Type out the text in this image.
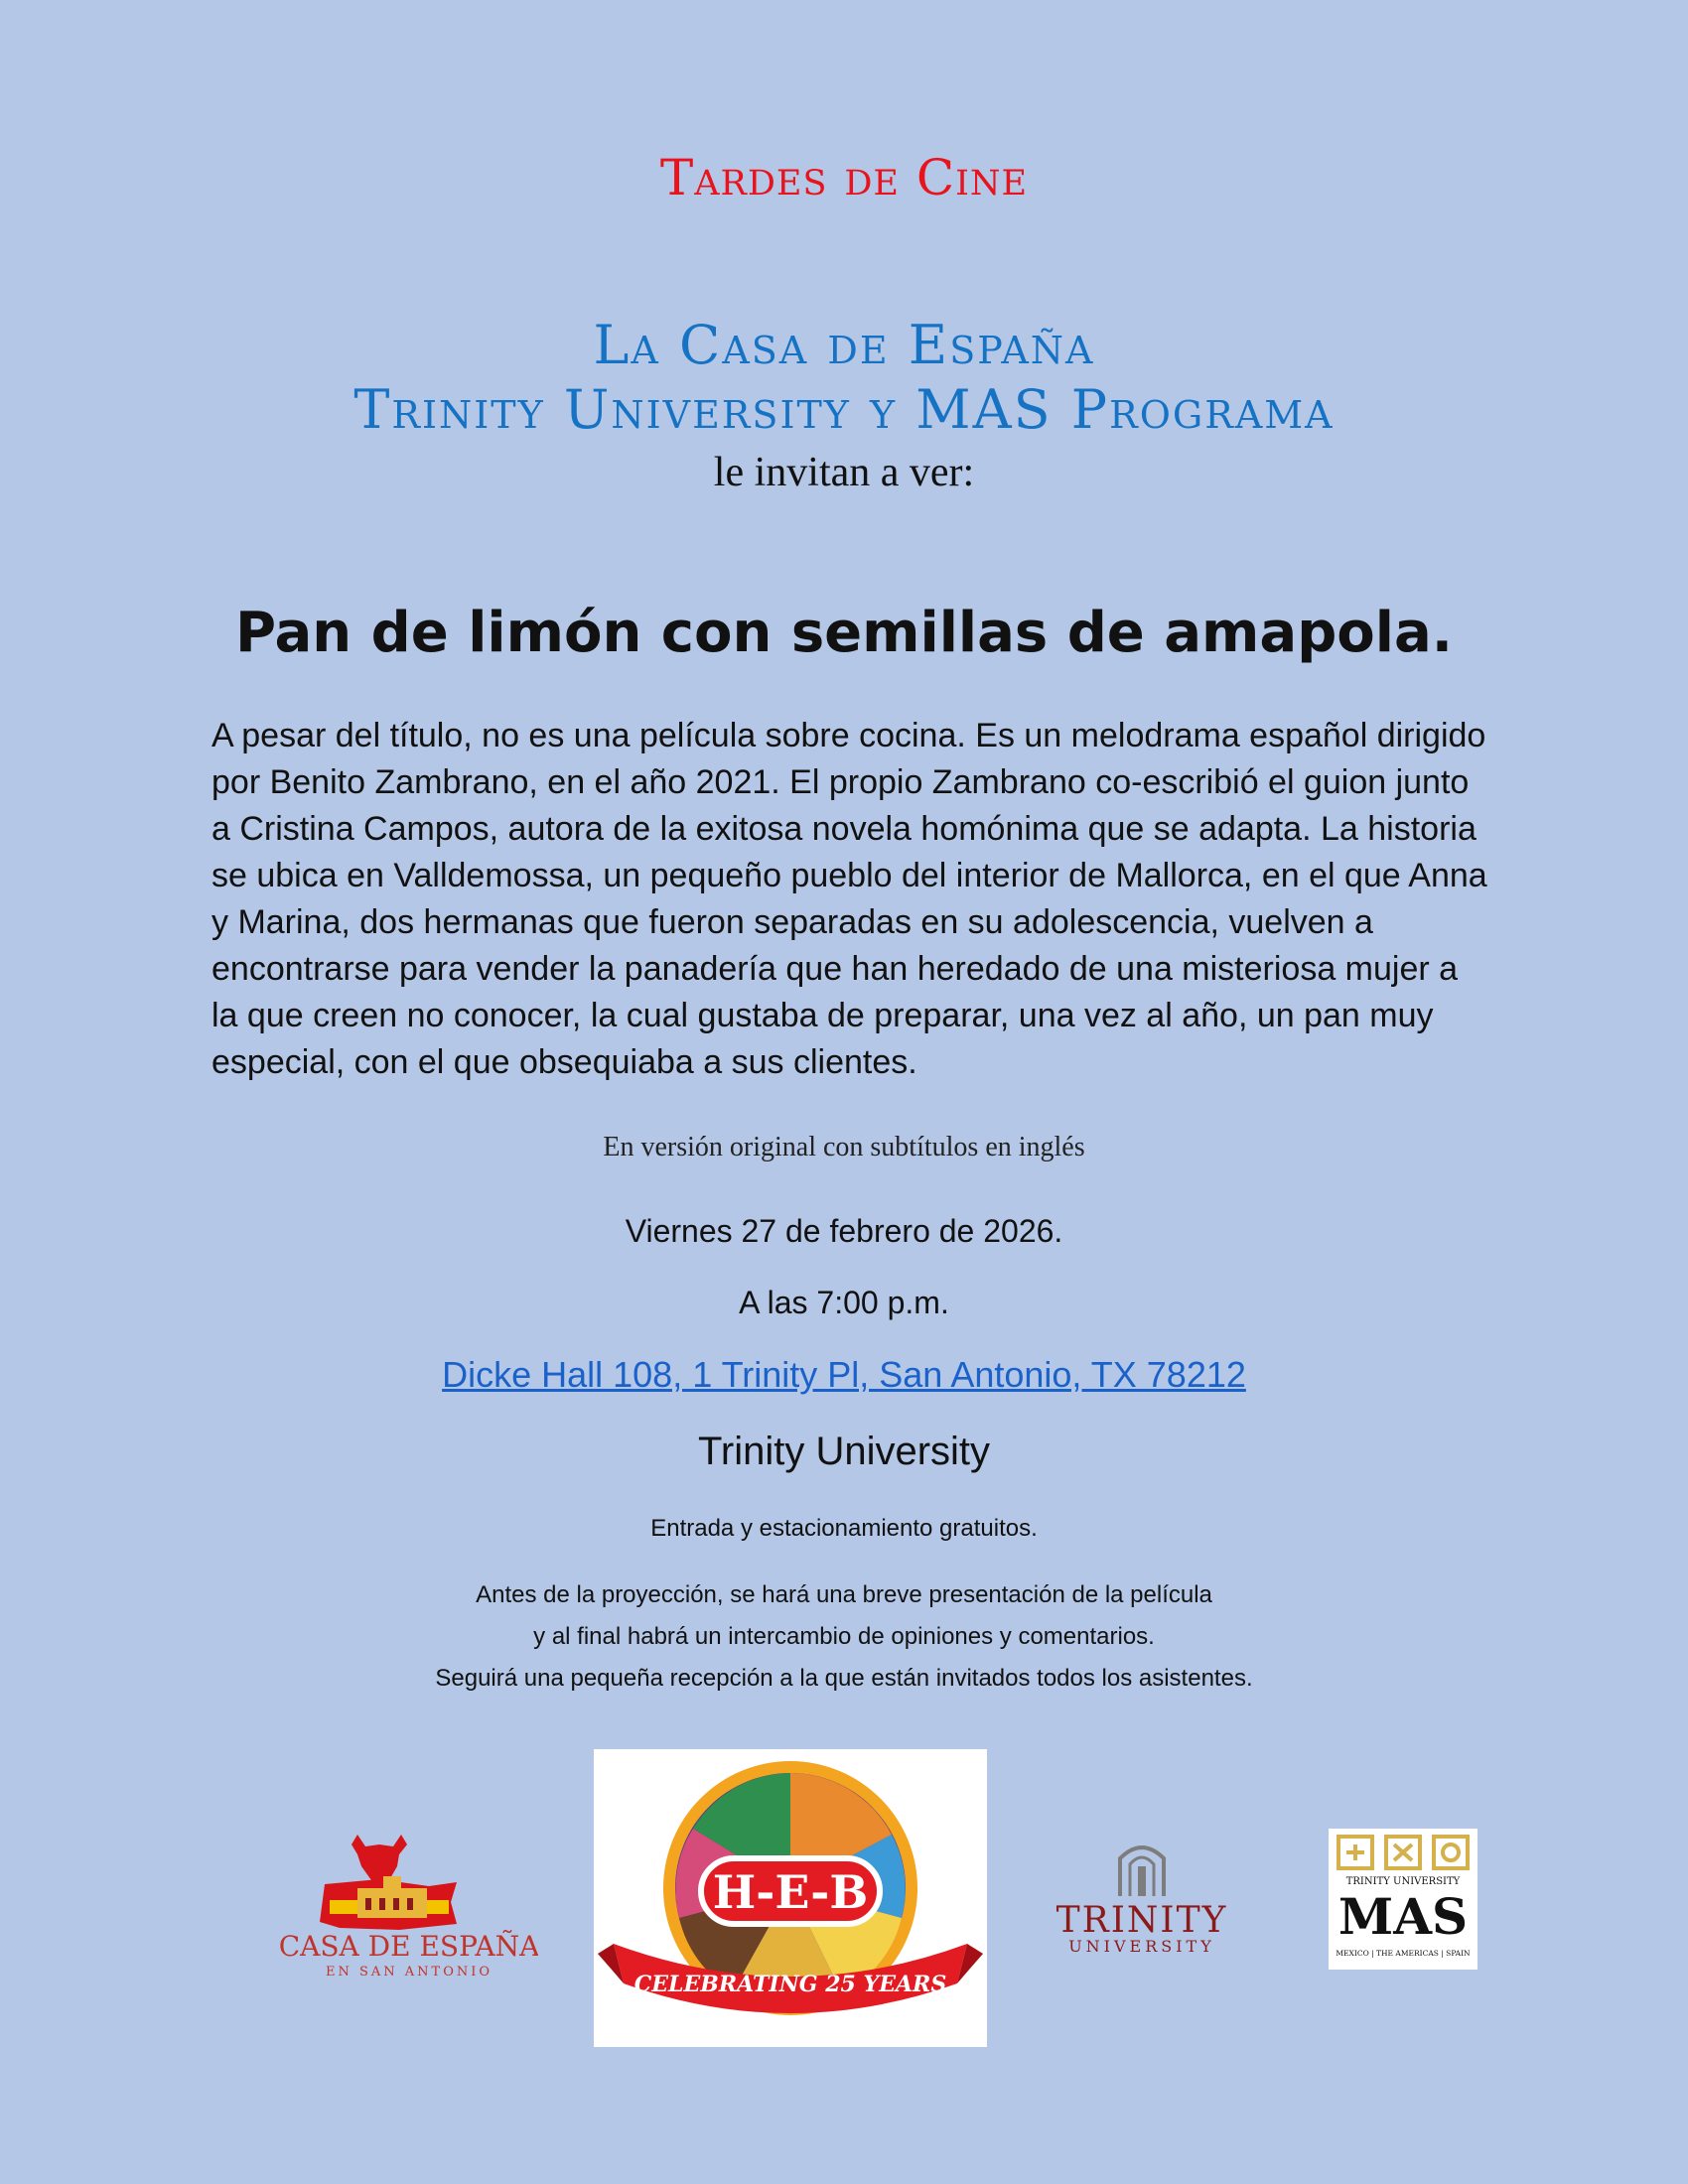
Tardes de Cine
La Casa de España
Trinity University y MAS Programa
le invitan a ver:
Pan de limón con semillas de amapola.
A pesar del título, no es una película sobre cocina. Es un melodrama español dirigido por Benito Zambrano, en el año 2021. El propio Zambrano co-escribió el guion junto a Cristina Campos, autora de la exitosa novela homónima que se adapta. La historia se ubica en Valldemossa, un pequeño pueblo del interior de Mallorca, en el que Anna y Marina, dos hermanas que fueron separadas en su adolescencia, vuelven a encontrarse para vender la panadería que han heredado de una misteriosa mujer a la que creen no conocer, la cual gustaba de preparar, una vez al año, un pan muy especial, con el que obsequiaba a sus clientes.
En versión original con subtítulos en inglés
Viernes 27 de febrero de 2026.
A las 7:00 p.m.
Dicke Hall 108, 1 Trinity Pl, San Antonio, TX 78212
Trinity University
Entrada y estacionamiento gratuitos.
Antes de la proyección, se hará una breve presentación de la película
y al final habrá un intercambio de opiniones y comentarios.
Seguirá una pequeña recepción a la que están invitados todos los asistentes.
CASA DE ESPAÑA
EN SAN ANTONIO
H-E-B
CELEBRATING 25 YEARS
TRINITY
UNIVERSITY
TRINITY UNIVERSITY
MAS
MEXICO | THE AMERICAS | SPAIN
